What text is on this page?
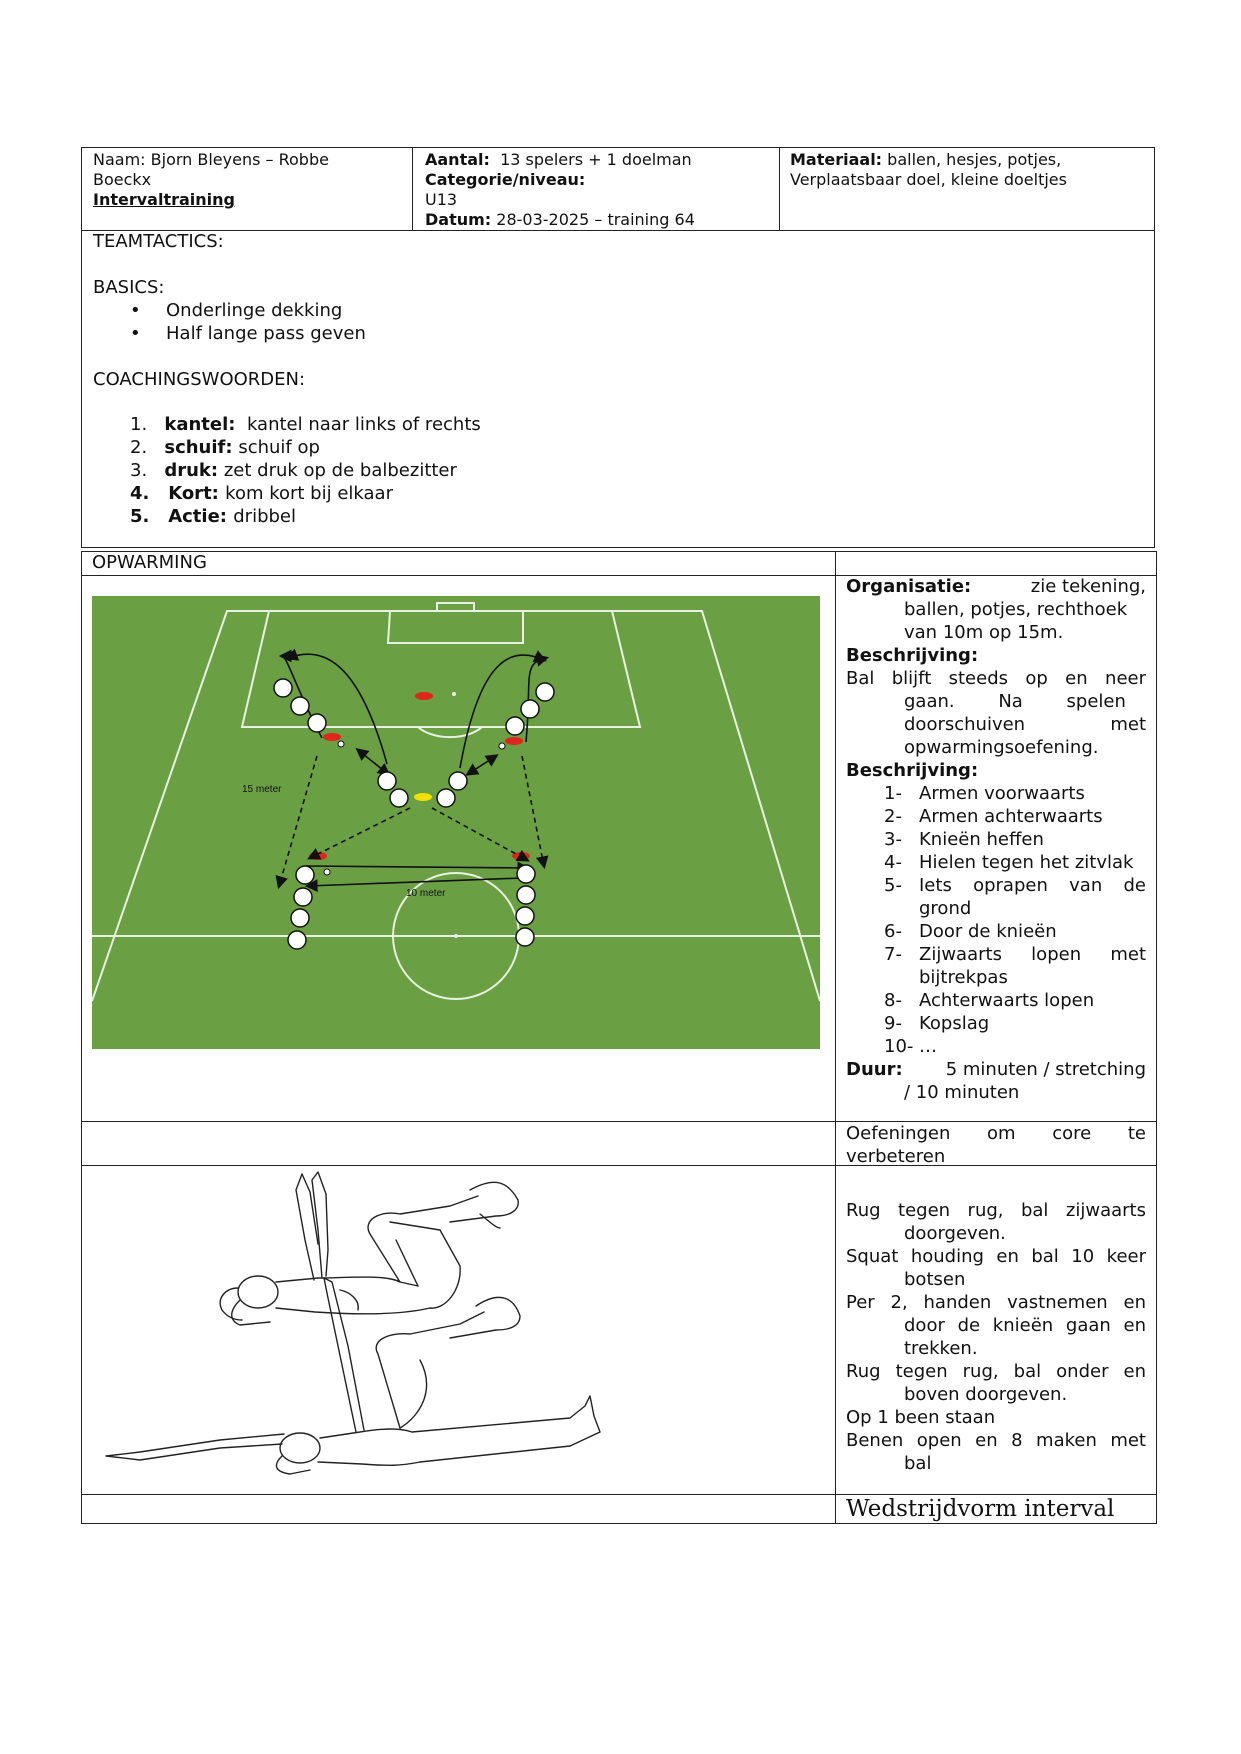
Naam: Bjorn Bleyens – Robbe
Boeckx
Intervaltraining
Aantal: 13 spelers + 1 doelman
Categorie/niveau:
U13
Datum: 28-03-2025 – training 64
Materiaal: ballen, hesjes, potjes,
Verplaatsbaar doel, kleine doeltjes
TEAMTACTICS:
BASICS:
• Onderlinge dekking
• Half lange pass geven
COACHINGSWOORDEN:
1. kantel: kantel naar links of rechts
2. schuif: schuif op
3. druk: zet druk op de balbezitter
4. Kort: kom kort bij elkaar
5. Actie: dribbel
OPWARMING
15 meter
10 meter
Organisatie:	zie tekening,
ballen, potjes, rechthoek
van 10m op 15m.
Beschrijving:
Bal blijft steeds op en neer
gaan. Na spelen
doorschuiven met
opwarmingsoefening.
Beschrijving:
1- Armen voorwaarts
2- Armen achterwaarts
3- Knieën heffen
4- Hielen tegen het zitvlak
5- Iets oprapen van de
grond
6- Door de knieën
7- Zijwaarts lopen met
bijtrekpas
8- Achterwaarts lopen
9- Kopslag
10- …
Duur: 5 minuten / stretching
/ 10 minuten
Oefeningen om core te
verbeteren
Rug tegen rug, bal zijwaarts
doorgeven.
Squat houding en bal 10 keer
botsen
Per 2, handen vastnemen en
door de knieën gaan en
trekken.
Rug tegen rug, bal onder en
boven doorgeven.
Op 1 been staan
Benen open en 8 maken met
bal
Wedstrijdvorm interval
